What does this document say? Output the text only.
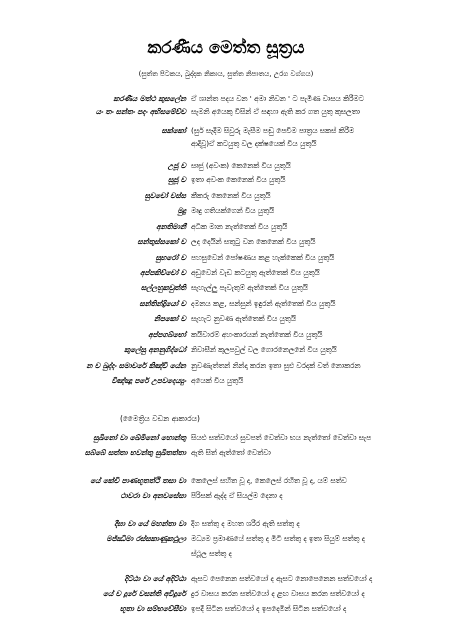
කරණීය මෙත්ත සූත්‍රය
(සුත්ත පිටකය, ඛුද්දක නිකාය, සුත්ත නිපාතය, උරග වග්ගය)
කරණීය මත්ථ කුසලේන ඒ ශාන්ත පදය වන ' අමා නිවන ' ට පැමිණ වාසය කිරීමට
යං තං සන්තං පදං අභිසමේච්ච සැමනි අයෙකු විසින් ඒ සඳහා ඇති කර ගත යුතු කුසලතා
සක්කෝ (සුර් සෑදීම සිවුරු මැසීම පඬු පෙවීම පාත්‍රය සකස් කිරීම
ආදිවූ)ඒ කටයුතු වල දක්ෂයෙක් විය යුතුයි
උජූ ච සෘජු (අවංක) කෙනෙක් විය යුතුයි
සුජූ ච ඉතා අවංක කෙනෙක් විය යුතුයි
සුවචෝ චස්ස කීකරු කෙනෙක් විය යුතුයි
මුදු මෘදු ගතියක්ගෙන් විය යුතුයි
අනතිමානී අධික මාන නැත්තෙක් විය යුතුයි
සන්තුස්සකෝ ච ලද දෙයින් සතුටු වන කෙනෙක් විය යුතුයි
සුභරෝ ච පහසුවෙන් පෝෂණය කළ හැක්කෙක් විය යුතුයි
අප්පකිච්චෝ ච අඩුවෙන් වැඩ කටයුතු ඇත්තෙක් විය යුතුයි
සල්ලහුකවුත්ති සැහැල්ලු පැවැතුම් ඇත්තෙක් විය යුතුයි
සන්තින්ද්‍රියෝ ච දමනය කළ, සන්සුන් ඉඳුරන් ඇත්තෙක් විය යුතුයි
නිපකෝ ච සැහැට නුවණ ඇත්තෙක් විය යුතුයි
අප්පගබ්භෝ කයිවාරම් අහංකාරයන් නැත්තෙක් විය යුතුයි
කුලේසු අනනුගිද්ධෝ නිවාසීන් කුලපවුල් වල ගොරනෙලනේ විය යුතුයි
න ච ඛුද්දං සමාචරේ කිඤ්චි යේන නුවණැත්තන් නින්දා කරන ඉතා සුළු වරදක් වත් නොකරන
විඤ්ඤූ පරේ උපවදෙය්‍යුං අයෙක් විය යුතුයි
(මෛත්‍රිය වඩන ආකාරය)
සුඛිනෝ වා ඛේමිනෝ හොන්තු සියළු සත්වයෝ සුවපත් වෙත්වා භය නැත්තෝ වෙත්වා සැප
සබ්බේ සත්තා භවන්තු සුඛිතත්තා ඇති සිත් ඇත්තෝ වෙත්වා
යේ කේචි පාණභූතත්ථි තසා වා කෙලෙස් සහිත වූ ද, කෙලෙස් රහිත වූ ද, යම් සත්ව
ථාවරා වා අනවසේසා පිරිසක් ඇද්ද ඒ සියල්ම දෙනා ද
දීඝා වා යේ මහන්තා වා දිග සත්තු ද මහත ශරීර ඇති සත්තු ද
මජ්ඣිමා රස්සකාණුකථුලා මධ්‍යම ප්‍රමාණයේ සත්තු ද මිටි සත්තු ද ඉතා සියුම් සත්තු ද
ස්ථූල සත්තු ද
දිට්ඨා වා යේ අදිට්ඨා ඇසට පෙනෙන සත්වයෝ ද ඇසට නොපෙනෙන සත්වයෝ ද
යේ ච දූරේ වසන්ති අවිදූරේ දුර වාසය කරන සත්වයෝ ද ළඟ වාසය කරන සත්වයෝ ද
භූතා වා සම්භවේසීවා ඉපදී සිටින සත්වයෝ ද ඉපදෙමින් සිටින සත්වයෝ ද
